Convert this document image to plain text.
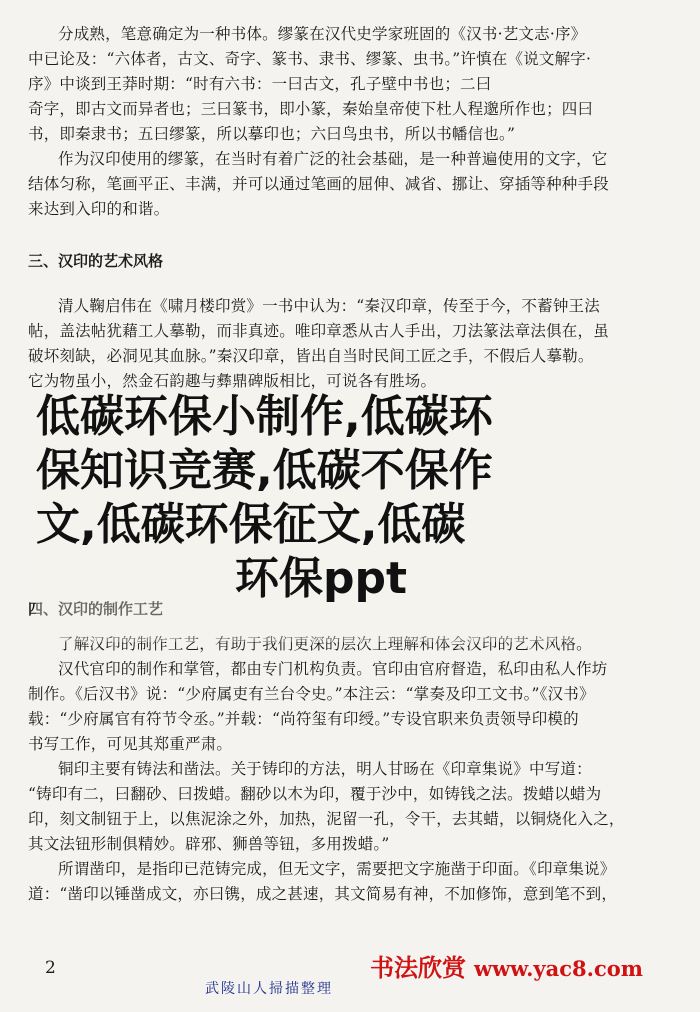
分成熟，笔意确定为一种书体。缪篆在汉代史学家班固的《汉书·艺文志·序》
中已论及：“六体者，古文、奇字、篆书、隶书、缪篆、虫书。”许慎在《说文解字·
序》中谈到王莽时期：“时有六书：一曰古文，孔子壁中书也；二曰
奇字，即古文而异者也；三曰篆书，即小篆，秦始皇帝使下杜人程邈所作也；四曰
书，即秦隶书；五曰缪篆，所以摹印也；六曰鸟虫书，所以书幡信也。”
作为汉印使用的缪篆，在当时有着广泛的社会基础，是一种普遍使用的文字，它
结体匀称，笔画平正、丰满，并可以通过笔画的屈伸、减省、挪让、穿插等种种手段
来达到入印的和谐。
三、汉印的艺术风格
清人鞠启伟在《啸月楼印赏》一书中认为：“秦汉印章，传至于今，不蓄钟王法
帖，盖法帖犹藉工人摹勒，而非真迹。唯印章悉从古人手出，刀法篆法章法俱在，虽
破坏刻缺，必洞见其血脉。”秦汉印章，皆出自当时民间工匠之手，不假后人摹勒。
它为物虽小，然金石韵趣与彝鼎碑版相比，可说各有胜场。
四、汉印的制作工艺
了解汉印的制作工艺，有助于我们更深的层次上理解和体会汉印的艺术风格。
汉代官印的制作和掌管，都由专门机构负责。官印由官府督造，私印由私人作坊
制作。《后汉书》说：“少府属吏有兰台令史。”本注云：“掌奏及印工文书。”《汉书》
载：“少府属官有符节令丞。”并载：“尚符玺有印绶。”专设官职来负责领导印模的
书写工作，可见其郑重严肃。
铜印主要有铸法和凿法。关于铸印的方法，明人甘旸在《印章集说》中写道：
“铸印有二，曰翻砂、曰拨蜡。翻砂以木为印，覆于沙中，如铸钱之法。拨蜡以蜡为
印，刻文制钮于上，以焦泥涂之外，加热，泥留一孔，令干，去其蜡，以铜烧化入之，
其文法钮形制俱精妙。辟邪、狮兽等钮，多用拨蜡。”
所谓凿印，是指印已范铸完成，但无文字，需要把文字施凿于印面。《印章集说》
道：“凿印以锤凿成文，亦曰镌，成之甚速，其文简易有神，不加修饰，意到笔不到，
低碳环保小制作,低碳环
保知识竞赛,低碳不保作
文,低碳环保征文,低碳

环保ppt
2
武陵山人掃描整理
书法欣赏 www.yac8.com
